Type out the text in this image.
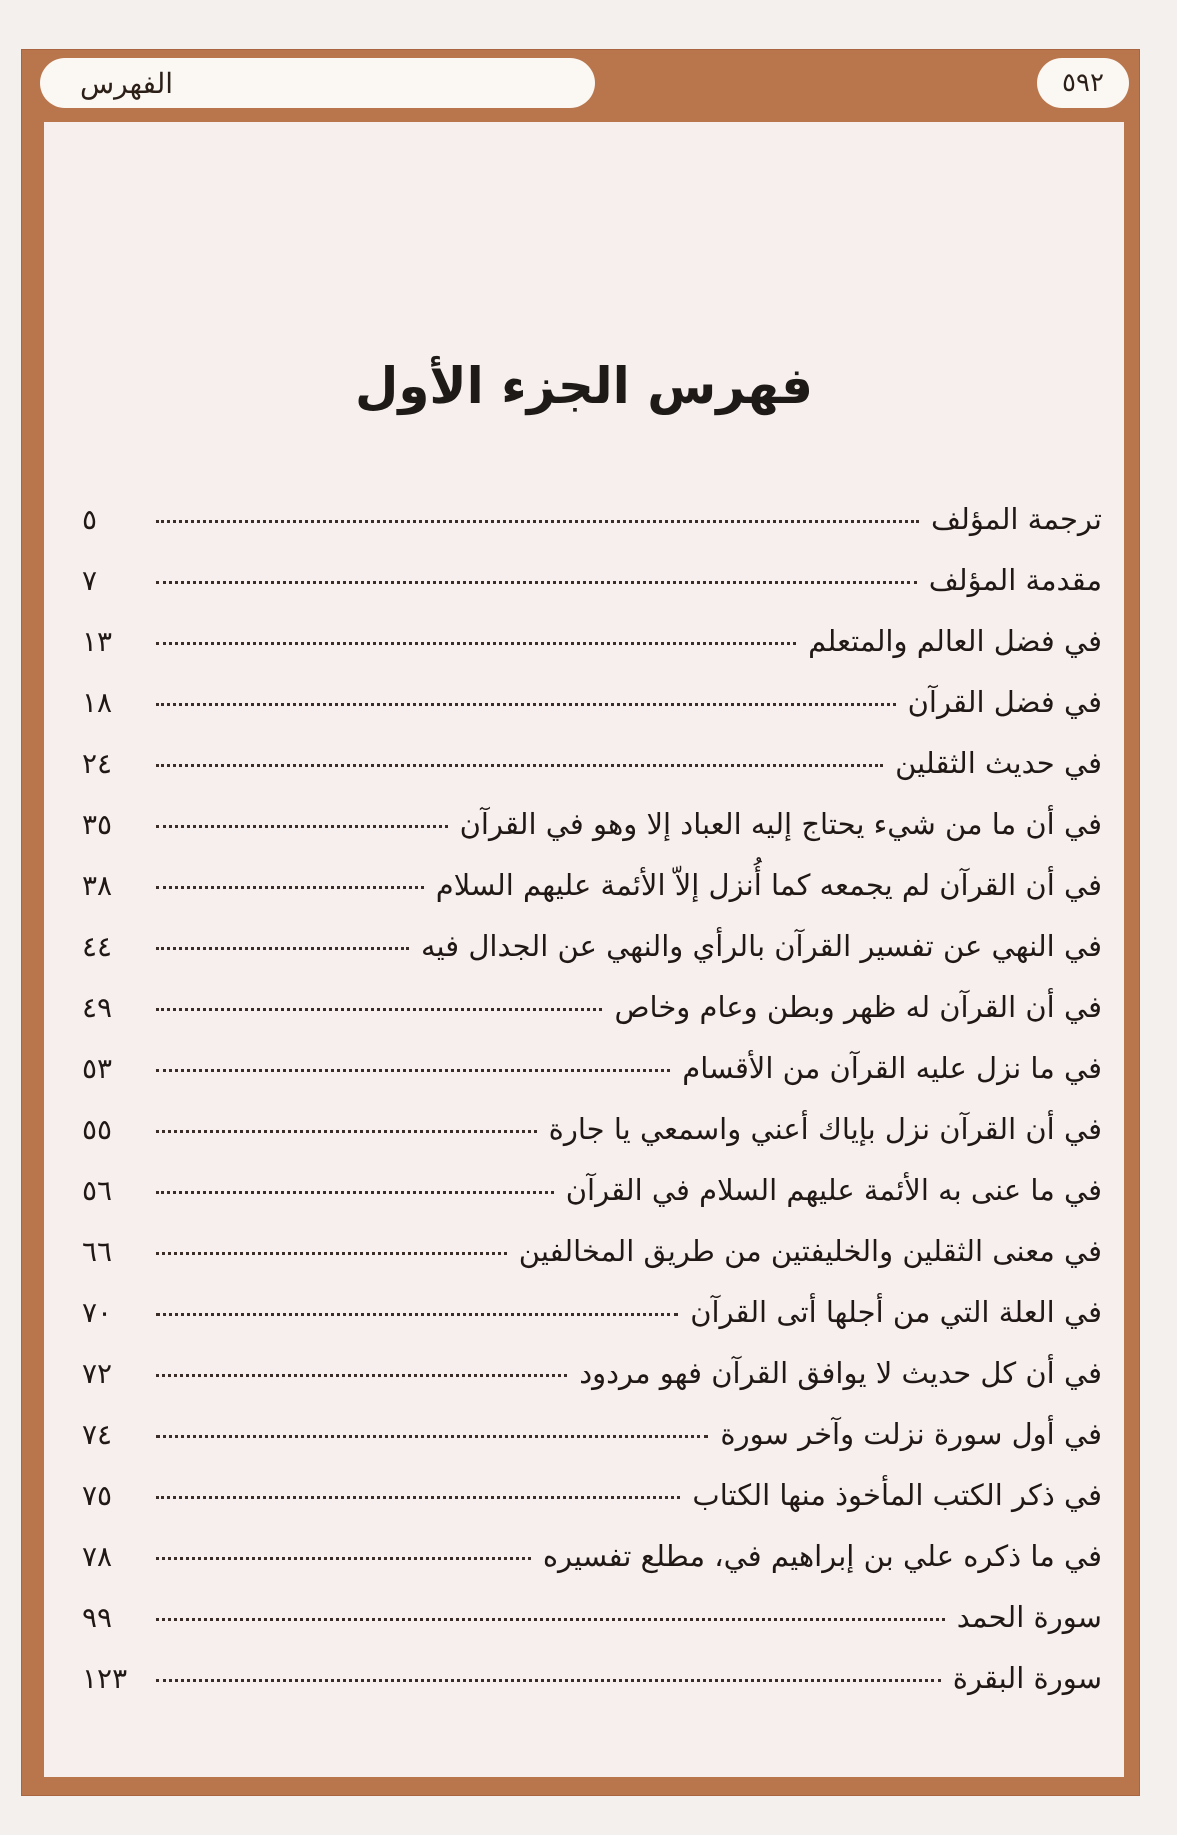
الفهرس	٥٩٢
فهرس الجزء الأول
ترجمة المؤلف
٥
مقدمة المؤلف
٧
في فضل العالم والمتعلم
١٣
في فضل القرآن
١٨
في حديث الثقلين
٢٤
في أن ما من شيء يحتاج إليه العباد إلا وهو في القرآن
٣٥
في أن القرآن لم يجمعه كما أُنزل إلاّ الأئمة عليهم السلام
٣٨
في النهي عن تفسير القرآن بالرأي والنهي عن الجدال فيه
٤٤
في أن القرآن له ظهر وبطن وعام وخاص
٤٩
في ما نزل عليه القرآن من الأقسام
٥٣
في أن القرآن نزل بإياك أعني واسمعي يا جارة
٥٥
في ما عنى به الأئمة عليهم السلام في القرآن
٥٦
في معنى الثقلين والخليفتين من طريق المخالفين
٦٦
في العلة التي من أجلها أتى القرآن
٧٠
في أن كل حديث لا يوافق القرآن فهو مردود
٧٢
في أول سورة نزلت وآخر سورة
٧٤
في ذكر الكتب المأخوذ منها الكتاب
٧٥
في ما ذكره علي بن إبراهيم في، مطلع تفسيره
٧٨
سورة الحمد
٩٩
سورة البقرة
١٢٣
